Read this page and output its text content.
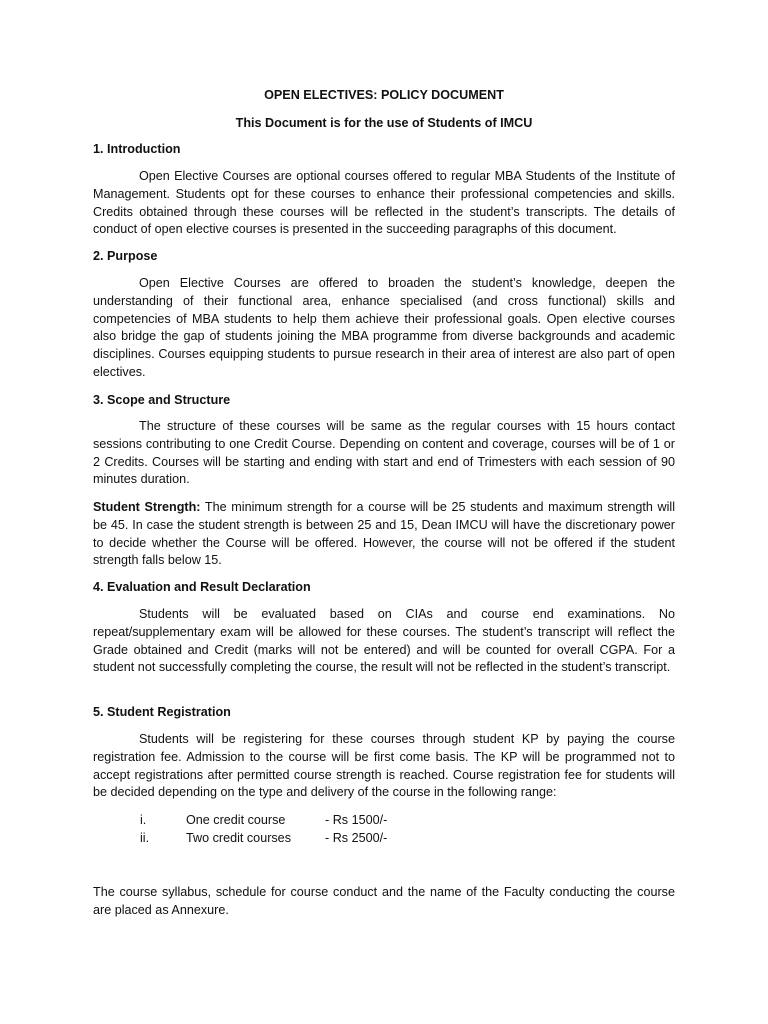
OPEN ELECTIVES: POLICY DOCUMENT
This Document is for the use of Students of IMCU
1. Introduction
Open Elective Courses are optional courses offered to regular MBA Students of the Institute of Management. Students opt for these courses to enhance their professional competencies and skills. Credits obtained through these courses will be reflected in the student’s transcripts. The details of conduct of open elective courses is presented in the succeeding paragraphs of this document.
2. Purpose
Open Elective Courses are offered to broaden the student’s knowledge, deepen the understanding of their functional area, enhance specialised (and cross functional) skills and competencies of MBA students to help them achieve their professional goals. Open elective courses also bridge the gap of students joining the MBA programme from diverse backgrounds and academic disciplines. Courses equipping students to pursue research in their area of interest are also part of open electives.
3. Scope and Structure
The structure of these courses will be same as the regular courses with 15 hours contact sessions contributing to one Credit Course. Depending on content and coverage, courses will be of 1 or 2 Credits. Courses will be starting and ending with start and end of Trimesters with each session of 90 minutes duration.
Student Strength: The minimum strength for a course will be 25 students and maximum strength will be 45. In case the student strength is between 25 and 15, Dean IMCU will have the discretionary power to decide whether the Course will be offered. However, the course will not be offered if the student strength falls below 15.
4. Evaluation and Result Declaration
Students will be evaluated based on CIAs and course end examinations. No repeat/supplementary exam will be allowed for these courses. The student’s transcript will reflect the Grade obtained and Credit (marks will not be entered) and will be counted for overall CGPA. For a student not successfully completing the course, the result will not be reflected in the student’s transcript.
5. Student Registration
Students will be registering for these courses through student KP by paying the course registration fee. Admission to the course will be first come basis. The KP will be programmed not to accept registrations after permitted course strength is reached. Course registration fee for students will be decided depending on the type and delivery of the course in the following range:
i.	One credit course	- Rs 1500/-
ii.	Two credit courses	- Rs 2500/-
The course syllabus, schedule for course conduct and the name of the Faculty conducting the course are placed as Annexure.
